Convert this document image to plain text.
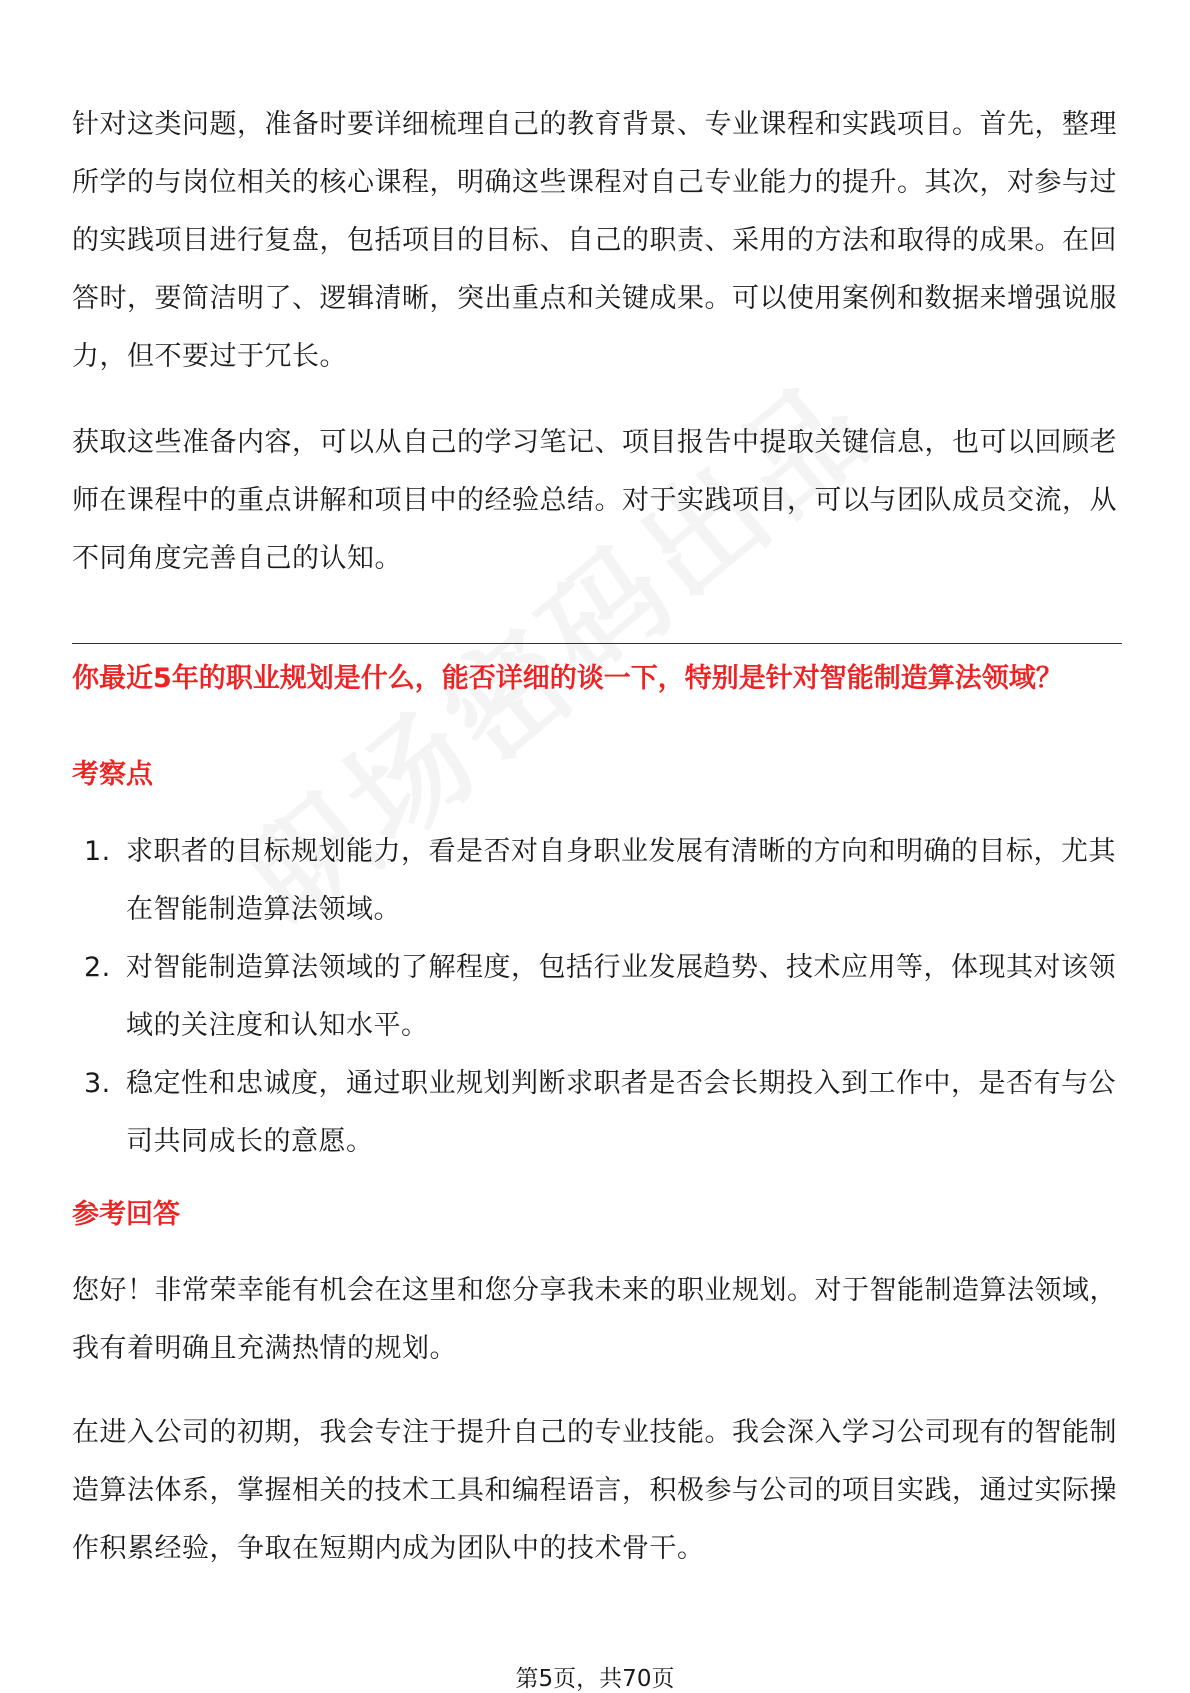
针对这类问题，准备时要详细梳理自己的教育背景、专业课程和实践项目。首先，整理所学的与岗位相关的核心课程，明确这些课程对自己专业能力的提升。其次，对参与过的实践项目进行复盘，包括项目的目标、自己的职责、采用的方法和取得的成果。在回答时，要简洁明了、逻辑清晰，突出重点和关键成果。可以使用案例和数据来增强说服力，但不要过于冗长。

获取这些准备内容，可以从自己的学习笔记、项目报告中提取关键信息，也可以回顾老师在课程中的重点讲解和项目中的经验总结。对于实践项目，可以与团队成员交流，从不同角度完善自己的认知。

你最近5年的职业规划是什么，能否详细的谈一下，特别是针对智能制造算法领域？
考察点
1. 求职者的目标规划能力，看是否对自身职业发展有清晰的方向和明确的目标，尤其在智能制造算法领域。
2. 对智能制造算法领域的了解程度，包括行业发展趋势、技术应用等，体现其对该领域的关注度和认知水平。
3. 稳定性和忠诚度，通过职业规划判断求职者是否会长期投入到工作中，是否有与公司共同成长的意愿。
参考回答

您好！非常荣幸能有机会在这里和您分享我未来的职业规划。对于智能制造算法领域，我有着明确且充满热情的规划。

在进入公司的初期，我会专注于提升自己的专业技能。我会深入学习公司现有的智能制造算法体系，掌握相关的技术工具和编程语言，积极参与公司的项目实践，通过实际操作积累经验，争取在短期内成为团队中的技术骨干。

第5页，共70页
